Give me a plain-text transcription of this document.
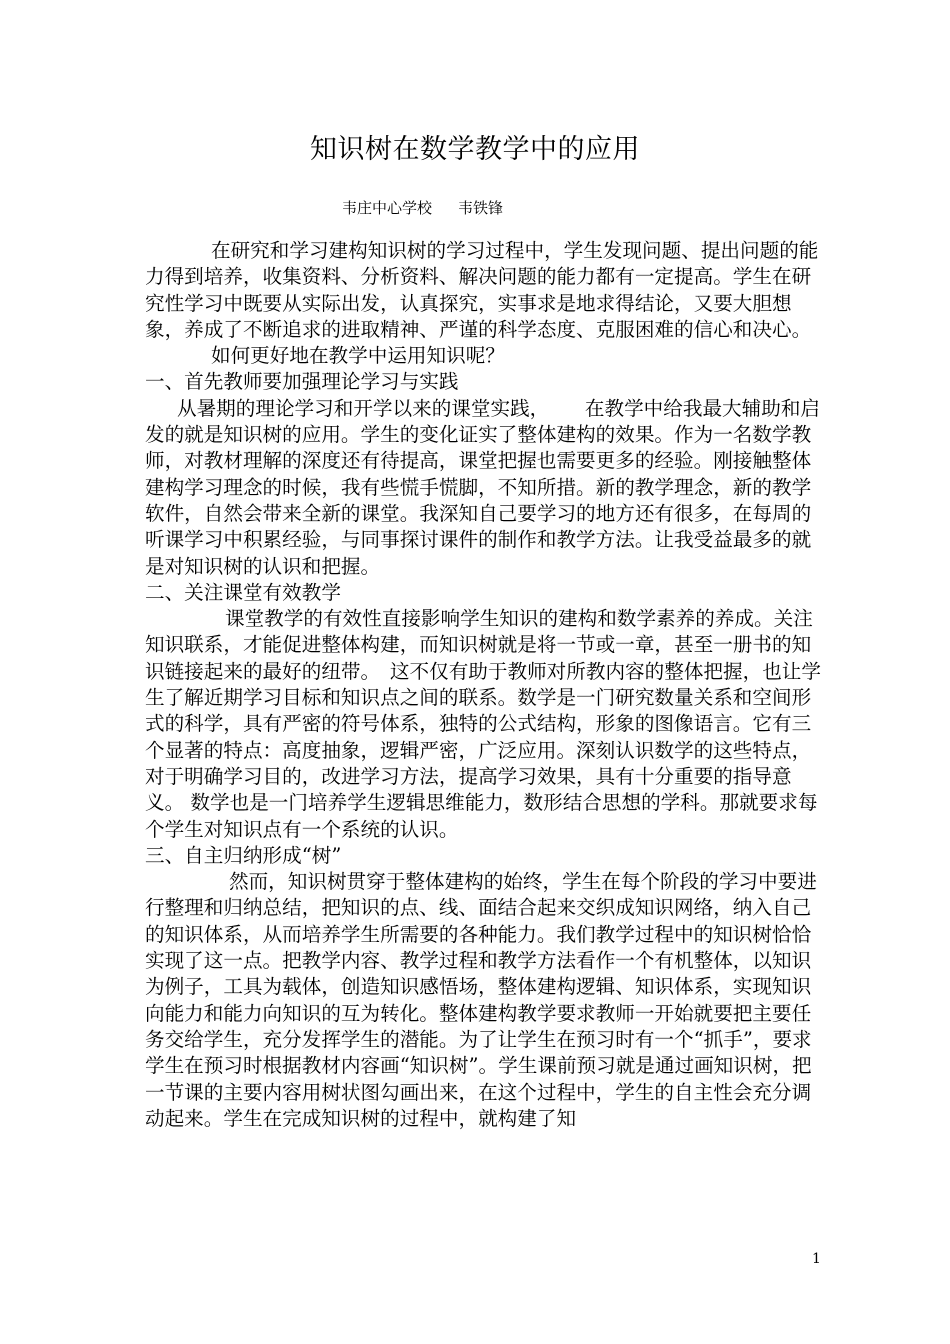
知识树在数学教学中的应用
韦庄中心学校 韦铁锋

在研究和学习建构知识树的学习过程中，学生发现问题、提出问题的能力得到培养，收集资料、分析资料、解决问题的能力都有一定提高。学生在研究性学习中既要从实际出发，认真探究，实事求是地求得结论，又要大胆想象，养成了不断追求的进取精神、严谨的科学态度、克服困难的信心和决心。

如何更好地在教学中运用知识呢？

一、首先教师要加强理论学习与实践

从暑期的理论学习和开学以来的课堂实践，　　 在教学中给我最大辅助和启发的就是知识树的应用。学生的变化证实了整体建构的效果。作为一名数学教师，对教材理解的深度还有待提高，课堂把握也需要更多的经验。刚接触整体建构学习理念的时候，我有些慌手慌脚，不知所措。新的教学理念，新的教学软件，自然会带来全新的课堂。我深知自己要学习的地方还有很多，在每周的听课学习中积累经验，与同事探讨课件的制作和教学方法。让我受益最多的就是对知识树的认识和把握。

二、关注课堂有效教学

课堂教学的有效性直接影响学生知识的建构和数学素养的养成。关注知识联系，才能促进整体构建，而知识树就是将一节或一章，甚至一册书的知识链接起来的最好的纽带。　这不仅有助于教师对所教内容的整体把握，也让学生了解近期学习目标和知识点之间的联系。数学是一门研究数量关系和空间形式的科学，具有严密的符号体系，独特的公式结构，形象的图像语言。它有三个显著的特点：高度抽象，逻辑严密，广泛应用。深刻认识数学的这些特点，对于明确学习目的，改进学习方法，提高学习效果，具有十分重要的指导意义。 数学也是一门培养学生逻辑思维能力，数形结合思想的学科。那就要求每个学生对知识点有一个系统的认识。

三、自主归纳形成“树”

然而，知识树贯穿于整体建构的始终，学生在每个阶段的学习中要进行整理和归纳总结，把知识的点、线、面结合起来交织成知识网络，纳入自己的知识体系，从而培养学生所需要的各种能力。我们教学过程中的知识树恰恰实现了这一点。把教学内容、教学过程和教学方法看作一个有机整体，以知识为例子，工具为载体，创造知识感悟场，整体建构逻辑、知识体系，实现知识向能力和能力向知识的互为转化。整体建构教学要求教师一开始就要把主要任务交给学生，充分发挥学生的潜能。为了让学生在预习时有一个“抓手”，要求学生在预习时根据教材内容画“知识树”。学生课前预习就是通过画知识树，把一节课的主要内容用树状图勾画出来，在这个过程中，学生的自主性会充分调动起来。学生在完成知识树的过程中，就构建了知

1
